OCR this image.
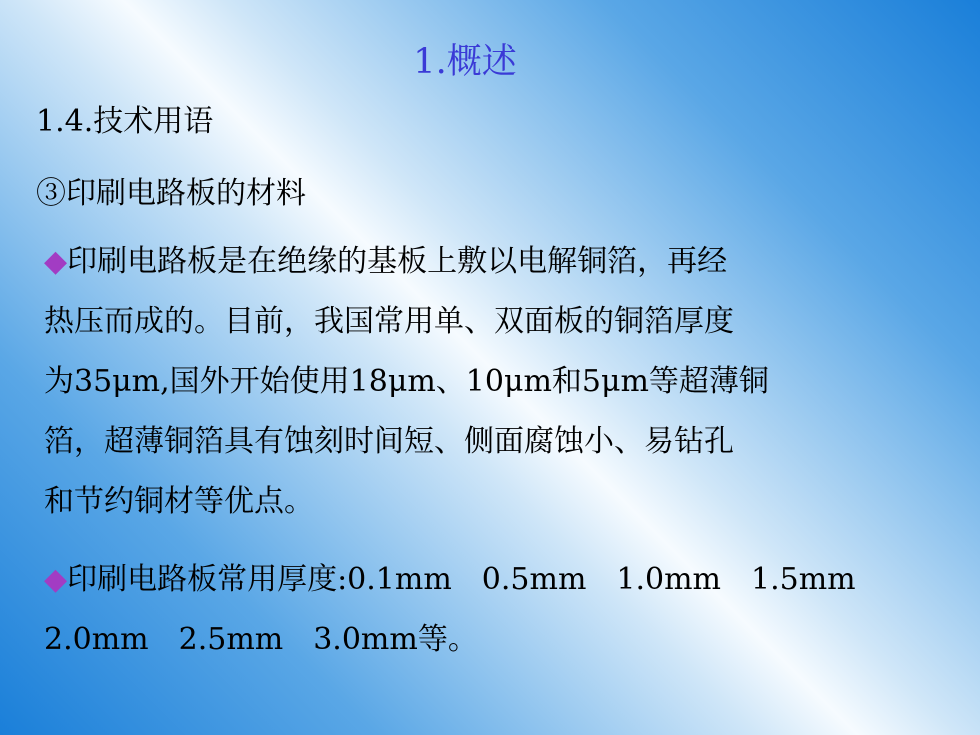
1.概述
1.4.技术用语
③印刷电路板的材料
◆印刷电路板是在绝缘的基板上敷以电解铜箔，再经
热压而成的。目前，我国常用单、双面板的铜箔厚度
为35μm,国外开始使用18μm、10μm和5μm等超薄铜
箔，超薄铜箔具有蚀刻时间短、侧面腐蚀小、易钻孔
和节约铜材等优点。
◆印刷电路板常用厚度:0.1mm　0.5mm　1.0mm　1.5mm
2.0mm　2.5mm　3.0mm等。
